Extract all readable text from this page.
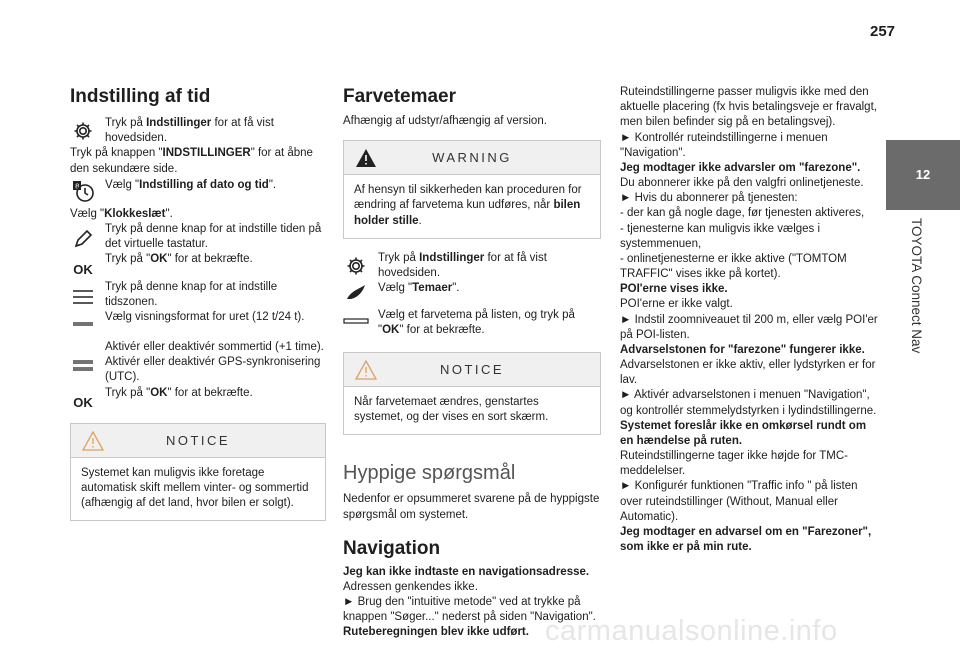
257
12
TOYOTA Connect Nav
Indstilling af tid
Tryk på Indstillinger for at få vist hovedsiden.
Tryk på knappen "INDSTILLINGER" for at åbne den sekundære side.
8 Vælg "Indstilling af dato og tid".
Vælg "Klokkeslæt".
Tryk på denne knap for at indstille tiden på det virtuelle tastatur.
OK
Tryk på "OK" for at bekræfte.
Tryk på denne knap for at indstille tidszonen.
Vælg visningsformat for uret (12 t/24 t).
Aktivér eller deaktivér sommertid (+1 time).
Aktivér eller deaktivér GPS-synkronisering (UTC).
OK
Tryk på "OK" for at bekræfte.
NOTICE
Systemet kan muligvis ikke foretage automatisk skift mellem vinter- og sommertid (afhængig af det land, hvor bilen er solgt).
Farvetemaer
Afhængig af udstyr/afhængig af version.
WARNING
Af hensyn til sikkerheden kan proceduren for ændring af farvetema kun udføres, når bilen holder stille.
Tryk på Indstillinger for at få vist hovedsiden.
Vælg "Temaer".
Vælg et farvetema på listen, og tryk på "OK" for at bekræfte.
NOTICE
Når farvetemaet ændres, genstartes systemet, og der vises en sort skærm.
Hyppige spørgsmål
Nedenfor er opsummeret svarene på de hyppigste spørgsmål om systemet.
Navigation
Jeg kan ikke indtaste en navigationsadresse.
Adressen genkendes ikke.
► Brug den "intuitive metode" ved at trykke på knappen "Søger..." nederst på siden "Navigation".
Ruteberegningen blev ikke udført.
Ruteindstillingerne passer muligvis ikke med den aktuelle placering (fx hvis betalingsveje er fravalgt, men bilen befinder sig på en betalingsvej).
► Kontrollér ruteindstillingerne i menuen "Navigation".
Jeg modtager ikke advarsler om "farezone".
Du abonnerer ikke på den valgfri onlinetjeneste.
► Hvis du abonnerer på tjenesten:
- der kan gå nogle dage, før tjenesten aktiveres,
- tjenesterne kan muligvis ikke vælges i systemmenuen,
- onlinetjenesterne er ikke aktive ("TOMTOM TRAFFIC" vises ikke på kortet).
POI'erne vises ikke.
POI'erne er ikke valgt.
► Indstil zoomniveauet til 200 m, eller vælg POI'er på POI-listen.
Advarselstonen for "farezone" fungerer ikke.
Advarselstonen er ikke aktiv, eller lydstyrken er for lav.
► Aktivér advarselstonen i menuen "Navigation", og kontrollér stemmelydstyrken i lydindstillingerne.
Systemet foreslår ikke en omkørsel rundt om en hændelse på ruten.
Ruteindstillingerne tager ikke højde for TMC-meddelelser.
► Konfigurér funktionen "Traffic info " på listen over ruteindstillinger (Without, Manual eller Automatic).
Jeg modtager en advarsel om en "Farezoner", som ikke er på min rute.
carmanualsonline.info
